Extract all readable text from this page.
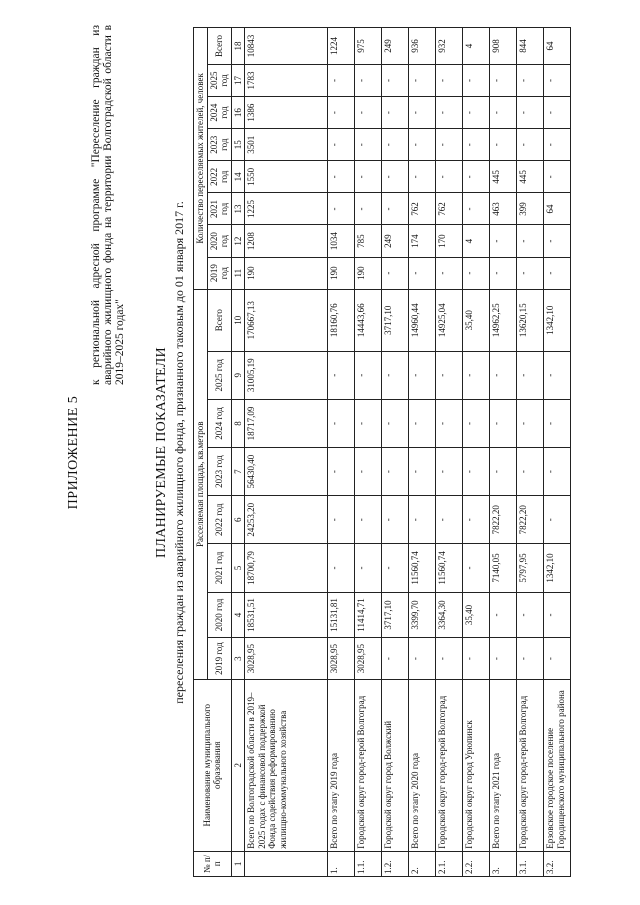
ПРИЛОЖЕНИЕ 5
к региональной адресной программе "Переселение граждан из аварийного жилищного фонда на территории Волгоградской области в 2019–2025 годах"
ПЛАНИРУЕМЫЕ ПОКАЗАТЕЛИ переселения граждан из аварийного жилищного фонда, признанного таковым до 01 января 2017 г.
№ п/п	Наименование муниципального образования	Расселяемая площадь, кв.метров								Количество переселяемых жителей, человек							
		2019 год	2020 год	2021 год	2022 год	2023 год	2024 год	2025 год	Всего	2019 год	2020 год	2021 год	2022 год	2023 год	2024 год	2025 год	Всего
1	2	3	4	5	6	7	8	9	10	11	12	13	14	15	16	17	18
	Всего по Волгоградской области в 2019–2025 годах с финансовой поддержкой Фонда содействия реформированию жилищно-коммунального хозяйства	3028,95	18531,51	18700,79	24253,20	56430,40	18717,09	31005,19	170667,13	190	1208	1225	1550	3501	1386	1783	10843
1.	Всего по этапу 2019 года	3028,95	15131,81	-	-	-	-	-	18160,76	190	1034	-	-	-	-	-	1224
1.1.	Городской округ город-герой Волгоград	3028,95	11414,71	-	-	-	-	-	14443,66	190	785	-	-	-	-	-	975
1.2.	Городской округ город Волжский	-	3717,10	-	-	-	-	-	3717,10	-	249	-	-	-	-	-	249
2.	Всего по этапу 2020 года	-	3399,70	11560,74	-	-	-	-	14960,44	-	174	762	-	-	-	-	936
2.1.	Городской округ город-герой Волгоград	-	3364,30	11560,74	-	-	-	-	14925,04	-	170	762	-	-	-	-	932
2.2.	Городской округ город Урюпинск	-	35,40	-	-	-	-	-	35,40	-	4	-	-	-	-	-	4
3.	Всего по этапу 2021 года	-	-	7140,05	7822,20	-	-	-	14962,25	-	-	463	445	-	-	-	908
3.1.	Городской округ город-герой Волгоград	-	-	5797,95	7822,20	-	-	-	13620,15	-	-	399	445	-	-	-	844
3.2.	Ерзовское городское поселение Городищенского муниципального района	-	-	1342,10	-	-	-	-	1342,10	-	-	64	-	-	-	-	64
